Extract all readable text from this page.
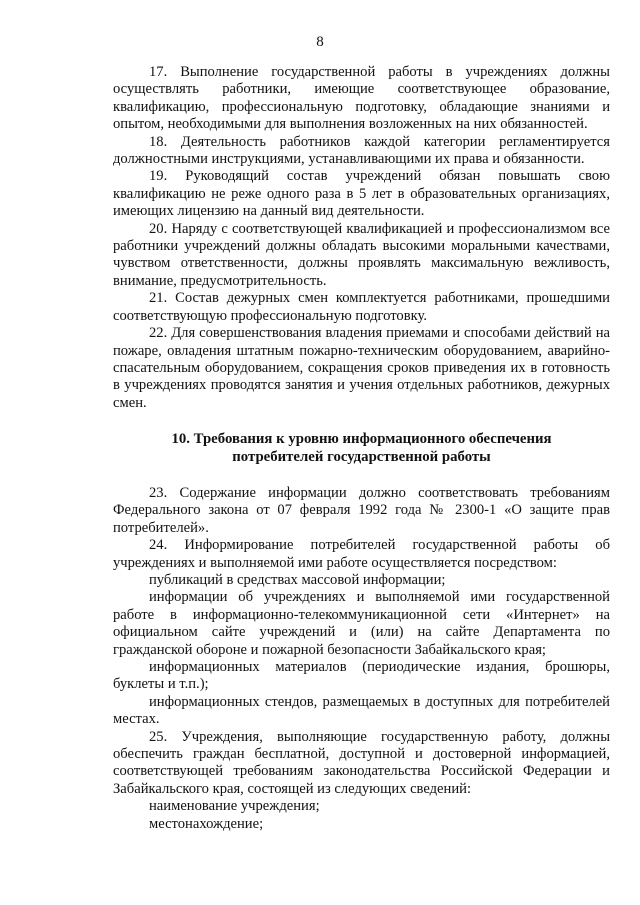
8

17. Выполнение государственной работы в учреждениях должны осуществлять работники, имеющие соответствующее образование, квалификацию, профессиональную подготовку, обладающие знаниями и опытом, необходимыми для выполнения возложенных на них обязанностей.

18. Деятельность работников каждой категории регламентируется должностными инструкциями, устанавливающими их права и обязанности.

19. Руководящий состав учреждений обязан повышать свою квалификацию не реже одного раза в 5 лет в образовательных организациях, имеющих лицензию на данный вид деятельности.

20. Наряду с соответствующей квалификацией и профессионализмом все работники учреждений должны обладать высокими моральными качествами, чувством ответственности, должны проявлять максимальную вежливость, внимание, предусмотрительность.

21. Состав дежурных смен комплектуется работниками, прошедшими соответствующую профессиональную подготовку.

22. Для совершенствования владения приемами и способами действий на пожаре, овладения штатным пожарно-техническим оборудованием, аварийно-спасательным оборудованием, сокращения сроков приведения их в готовность в учреждениях проводятся занятия и учения отдельных работников, дежурных смен.

10. Требования к уровню информационного обеспечения

потребителей государственной работы

23. Содержание информации должно соответствовать требованиям Федерального закона от 07 февраля 1992 года № 2300-1 «О защите прав потребителей».

24. Информирование потребителей государственной работы об учреждениях и выполняемой ими работе осуществляется посредством:

публикаций в средствах массовой информации;

информации об учреждениях и выполняемой ими государственной работе в информационно-телекоммуникационной сети «Интернет» на официальном сайте учреждений и (или) на сайте Департамента по гражданской обороне и пожарной безопасности Забайкальского края;

информационных материалов (периодические издания, брошюры, буклеты и т.п.);

информационных стендов, размещаемых в доступных для потребителей местах.

25. Учреждения, выполняющие государственную работу, должны обеспечить граждан бесплатной, доступной и достоверной информацией, соответствующей требованиям законодательства Российской Федерации и Забайкальского края, состоящей из следующих сведений:

наименование учреждения;

местонахождение;
